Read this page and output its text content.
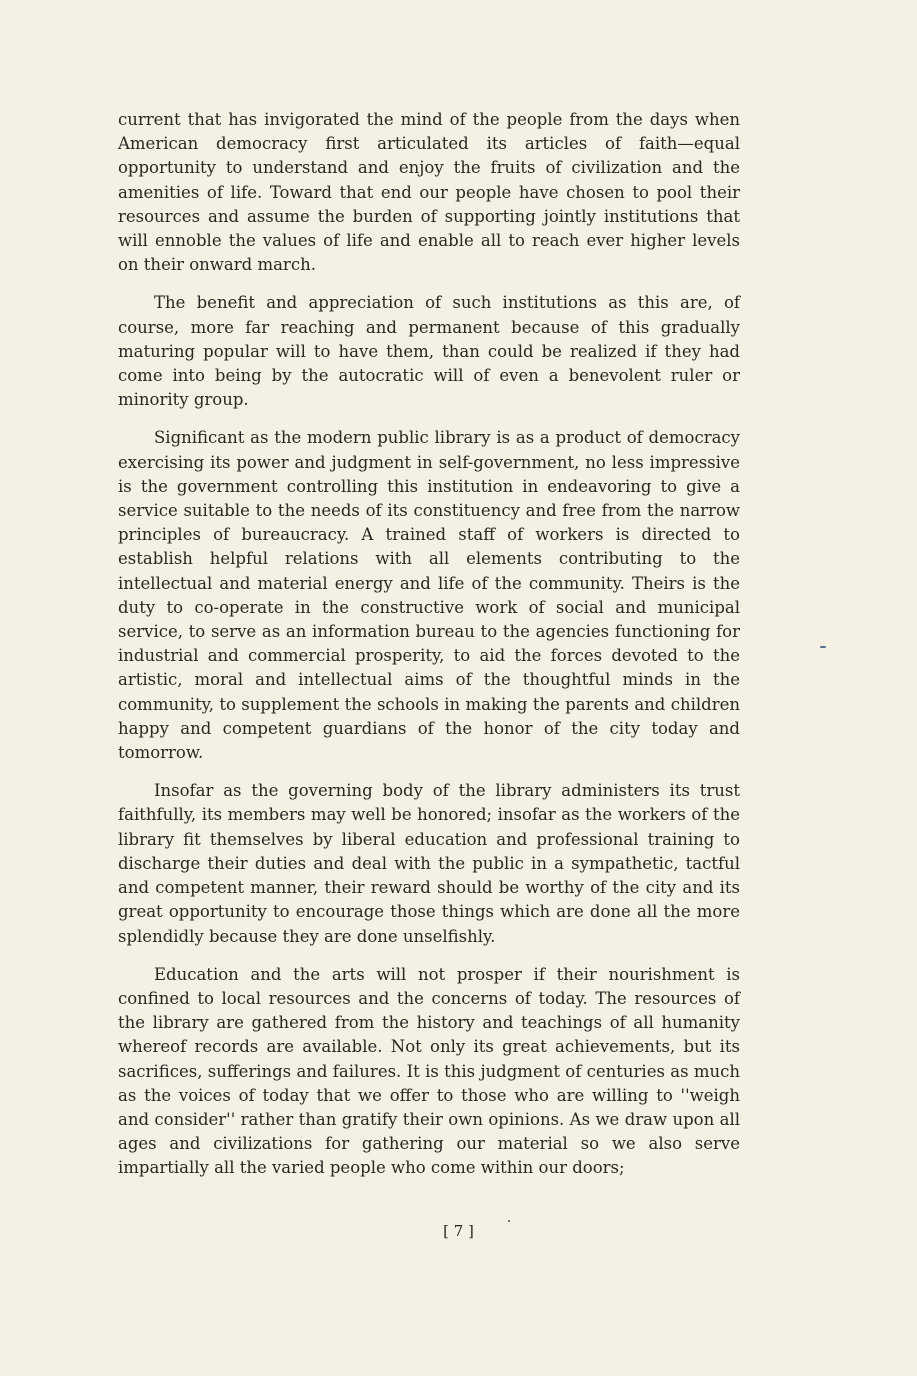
current that has invigorated the mind of the people from the days when American democracy first articulated its articles of faith—equal opportunity to understand and enjoy the fruits of civilization and the amenities of life. Toward that end our people have chosen to pool their resources and assume the burden of supporting jointly institutions that will ennoble the values of life and enable all to reach ever higher levels on their onward march.

The benefit and appreciation of such institutions as this are, of course, more far reaching and permanent because of this gradually maturing popular will to have them, than could be realized if they had come into being by the autocratic will of even a benevolent ruler or minority group.

Significant as the modern public library is as a product of democracy exercising its power and judgment in self-government, no less impressive is the government controlling this institution in endeavoring to give a service suitable to the needs of its constituency and free from the narrow principles of bureaucracy. A trained staff of workers is directed to establish helpful relations with all elements contributing to the intellectual and material energy and life of the community. Theirs is the duty to co-operate in the constructive work of social and municipal service, to serve as an information bureau to the agencies functioning for industrial and commercial prosperity, to aid the forces devoted to the artistic, moral and intellectual aims of the thoughtful minds in the community, to supplement the schools in making the parents and children happy and competent guardians of the honor of the city today and tomorrow.

Insofar as the governing body of the library administers its trust faithfully, its members may well be honored; insofar as the workers of the library fit themselves by liberal education and professional training to discharge their duties and deal with the public in a sympathetic, tactful and competent manner, their reward should be worthy of the city and its great opportunity to encourage those things which are done all the more splendidly because they are done unselfishly.

Education and the arts will not prosper if their nourishment is confined to local resources and the concerns of today. The resources of the library are gathered from the history and teachings of all humanity whereof records are available. Not only its great achievements, but its sacrifices, sufferings and failures. It is this judgment of centuries as much as the voices of today that we offer to those who are willing to ''weigh and consider'' rather than gratify their own opinions. As we draw upon all ages and civilizations for gathering our material so we also serve impartially all the varied people who come within our doors;

[ 7 ]
